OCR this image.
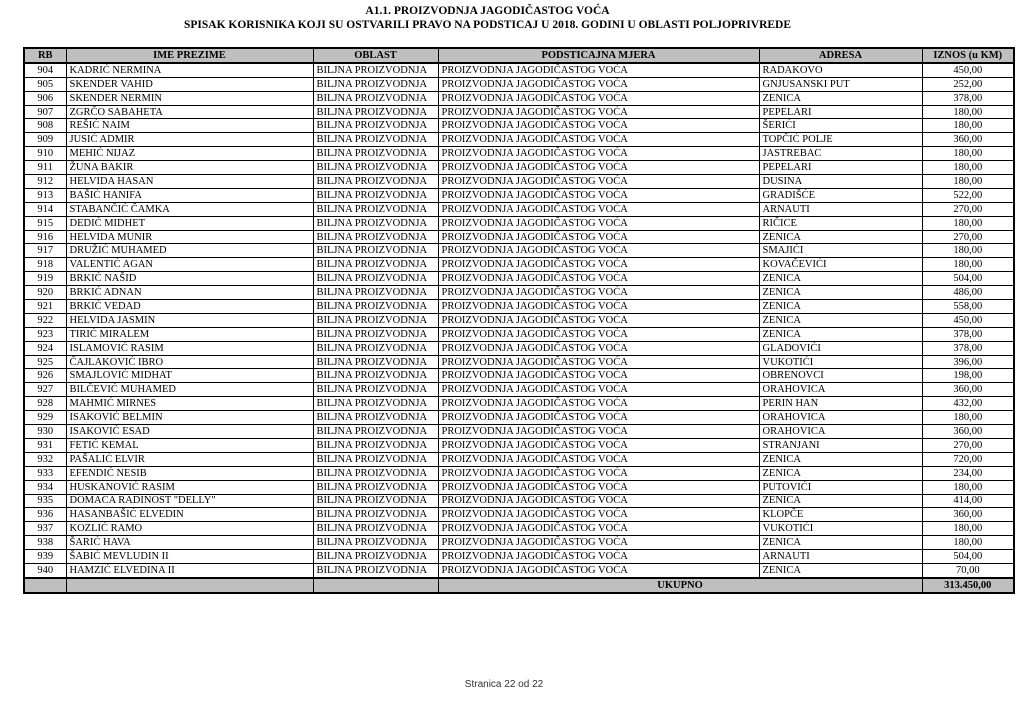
A1.1. PROIZVODNJA JAGODIČASTOG VOĆA
SPISAK KORISNIKA KOJI SU OSTVARILI PRAVO NA PODSTICAJ U 2018. GODINI U OBLASTI POLJOPRIVREDE
RB	IME PREZIME	OBLAST	PODSTICAJNA MJERA	ADRESA	IZNOS (u KM)
904	KADRIĆ NERMINA	BILJNA PROIZVODNJA	PROIZVODNJA JAGODIČASTOG VOĆA	RADAKOVO	450,00
905	SKENDER VAHID	BILJNA PROIZVODNJA	PROIZVODNJA JAGODIČASTOG VOĆA	GNJUSANSKI PUT	252,00
906	SKENDER NERMIN	BILJNA PROIZVODNJA	PROIZVODNJA JAGODIČASTOG VOĆA	ZENICA	378,00
907	ZGRČO SABAHETA	BILJNA PROIZVODNJA	PROIZVODNJA JAGODIČASTOG VOĆA	PEPELARI	180,00
908	REŠIĆ NAIM	BILJNA PROIZVODNJA	PROIZVODNJA JAGODIČASTOG VOĆA	ŠERIĆI	180,00
909	JUSIĆ ADMIR	BILJNA PROIZVODNJA	PROIZVODNJA JAGODIČASTOG VOĆA	TOPČIĆ POLJE	360,00
910	MEHIĆ NIJAZ	BILJNA PROIZVODNJA	PROIZVODNJA JAGODIČASTOG VOĆA	JASTREBAC	180,00
911	ŽUNA BAKIR	BILJNA PROIZVODNJA	PROIZVODNJA JAGODIČASTOG VOĆA	PEPELARI	180,00
912	HELVIDA HASAN	BILJNA PROIZVODNJA	PROIZVODNJA JAGODIČASTOG VOĆA	DUSINA	180,00
913	BAŠIĆ HANIFA	BILJNA PROIZVODNJA	PROIZVODNJA JAGODIČASTOG VOĆA	GRADIŠĆE	522,00
914	STABANČIĆ ČAMKA	BILJNA PROIZVODNJA	PROIZVODNJA JAGODIČASTOG VOĆA	ARNAUTI	270,00
915	DEDIĆ MIDHET	BILJNA PROIZVODNJA	PROIZVODNJA JAGODIČASTOG VOĆA	RIČICE	180,00
916	HELVIDA MUNIR	BILJNA PROIZVODNJA	PROIZVODNJA JAGODIČASTOG VOĆA	ZENICA	270,00
917	DRUŽIĆ MUHAMED	BILJNA PROIZVODNJA	PROIZVODNJA JAGODIČASTOG VOĆA	SMAJIĆI	180,00
918	VALENTIĆ AGAN	BILJNA PROIZVODNJA	PROIZVODNJA JAGODIČASTOG VOĆA	KOVAČEVIĆI	180,00
919	BRKIĆ NAŠID	BILJNA PROIZVODNJA	PROIZVODNJA JAGODIČASTOG VOĆA	ZENICA	504,00
920	BRKIĆ ADNAN	BILJNA PROIZVODNJA	PROIZVODNJA JAGODIČASTOG VOĆA	ZENICA	486,00
921	BRKIĆ VEDAD	BILJNA PROIZVODNJA	PROIZVODNJA JAGODIČASTOG VOĆA	ZENICA	558,00
922	HELVIDA JASMIN	BILJNA PROIZVODNJA	PROIZVODNJA JAGODIČASTOG VOĆA	ZENICA	450,00
923	TIRIĆ MIRALEM	BILJNA PROIZVODNJA	PROIZVODNJA JAGODIČASTOG VOĆA	ZENICA	378,00
924	ISLAMOVIĆ RASIM	BILJNA PROIZVODNJA	PROIZVODNJA JAGODIČASTOG VOĆA	GLADOVIĆI	378,00
925	ČAJLAKOVIĆ IBRO	BILJNA PROIZVODNJA	PROIZVODNJA JAGODIČASTOG VOĆA	VUKOTIĆI	396,00
926	SMAJLOVIĆ MIDHAT	BILJNA PROIZVODNJA	PROIZVODNJA JAGODIČASTOG VOĆA	OBRENOVCI	198,00
927	BILČEVIĆ MUHAMED	BILJNA PROIZVODNJA	PROIZVODNJA JAGODIČASTOG VOĆA	ORAHOVICA	360,00
928	MAHMIĆ MIRNES	BILJNA PROIZVODNJA	PROIZVODNJA JAGODIČASTOG VOĆA	PERIN HAN	432,00
929	ISAKOVIĆ BELMIN	BILJNA PROIZVODNJA	PROIZVODNJA JAGODIČASTOG VOĆA	ORAHOVICA	180,00
930	ISAKOVIĆ ESAD	BILJNA PROIZVODNJA	PROIZVODNJA JAGODIČASTOG VOĆA	ORAHOVICA	360,00
931	FETIĆ KEMAL	BILJNA PROIZVODNJA	PROIZVODNJA JAGODIČASTOG VOĆA	STRANJANI	270,00
932	PAŠALIĆ ELVIR	BILJNA PROIZVODNJA	PROIZVODNJA JAGODIČASTOG VOĆA	ZENICA	720,00
933	EFENDIĆ NESIB	BILJNA PROIZVODNJA	PROIZVODNJA JAGODIČASTOG VOĆA	ZENICA	234,00
934	HUSKANOVIĆ RASIM	BILJNA PROIZVODNJA	PROIZVODNJA JAGODIČASTOG VOĆA	PUTOVIĆI	180,00
935	DOMAĆA RADINOST "DELLY"	BILJNA PROIZVODNJA	PROIZVODNJA JAGODIČASTOG VOĆA	ZENICA	414,00
936	HASANBAŠIĆ ELVEDIN	BILJNA PROIZVODNJA	PROIZVODNJA JAGODIČASTOG VOĆA	KLOPČE	360,00
937	KOZLIĆ RAMO	BILJNA PROIZVODNJA	PROIZVODNJA JAGODIČASTOG VOĆA	VUKOTIĆI	180,00
938	ŠARIĆ HAVA	BILJNA PROIZVODNJA	PROIZVODNJA JAGODIČASTOG VOĆA	ZENICA	180,00
939	ŠABIĆ MEVLUDIN II	BILJNA PROIZVODNJA	PROIZVODNJA JAGODIČASTOG VOĆA	ARNAUTI	504,00
940	HAMZIĆ ELVEDINA II	BILJNA PROIZVODNJA	PROIZVODNJA JAGODIČASTOG VOĆA	ZENICA	70,00
			UKUPNO		313.450,00
Stranica 22 od 22
